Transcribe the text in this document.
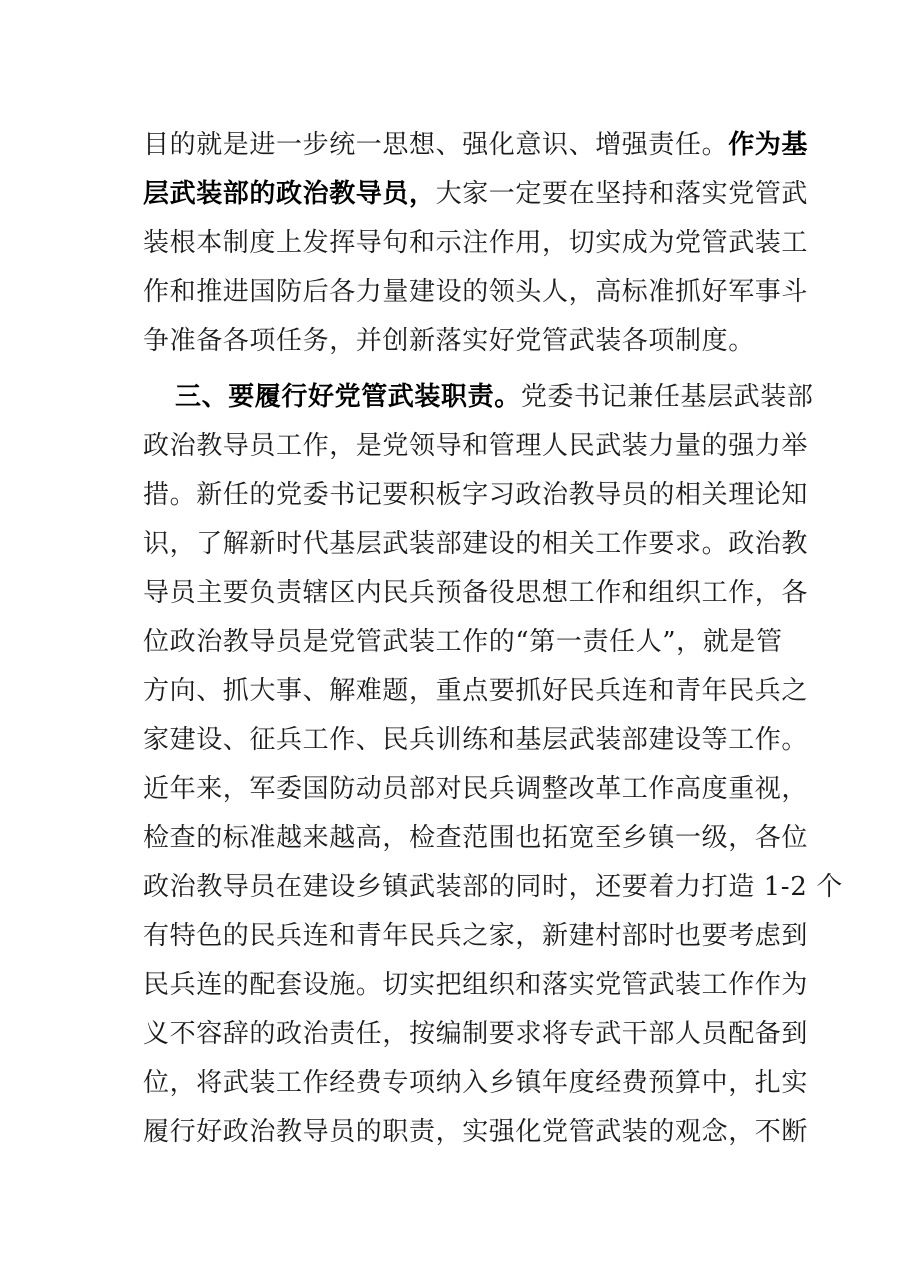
目的就是进一步统一思想、强化意识、增强责任。作为基
层武装部的政治教导员，大家一定要在坚持和落实党管武
装根本制度上发挥导句和示注作用，切实成为党管武装工
作和推进国防后各力量建设的领头人，高标准抓好军事斗
争准备各项任务，并创新落实好党管武装各项制度。
三、要履行好党管武装职责。党委书记兼任基层武装部
政治教导员工作，是党领导和管理人民武装力量的强力举
措。新任的党委书记要积板字习政治教导员的相关理论知
识，了解新时代基层武装部建设的相关工作要求。政治教
导员主要负责辖区内民兵预备役思想工作和组织工作，各
位政治教导员是党管武装工作的“第一责任人”，就是管
方向、抓大事、解难题，重点要抓好民兵连和青年民兵之
家建设、征兵工作、民兵训练和基层武装部建设等工作。
近年来，军委国防动员部对民兵调整改革工作高度重视，
检查的标准越来越高，检查范围也拓宽至乡镇一级，各位
政治教导员在建设乡镇武装部的同时，还要着力打造 1-2 个
有特色的民兵连和青年民兵之家，新建村部时也要考虑到
民兵连的配套设施。切实把组织和落实党管武装工作作为
义不容辞的政治责任，按编制要求将专武干部人员配备到
位，将武装工作经费专项纳入乡镇年度经费预算中，扎实
履行好政治教导员的职责，实强化党管武装的观念，不断
